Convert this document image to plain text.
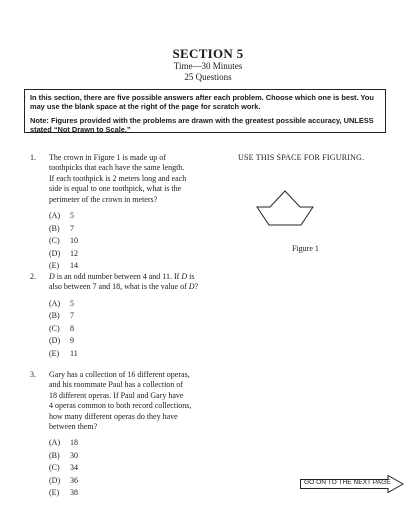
SECTION 5
Time—30 Minutes
25 Questions

In this section, there are five possible answers after each problem. Choose which one is best. You may use the blank space at the right of the page for scratch work.

Note: Figures provided with the problems are drawn with the greatest possible accuracy, UNLESS stated “Not Drawn to Scale.”

USE THIS SPACE FOR FIGURING.
Figure 1
1. The crown in Figure 1 is made up of
toothpicks that each have the same length.
If each toothpick is 2 meters long and each
side is equal to one toothpick, what is the
perimeter of the crown in meters?
(A)	5
(B)	7
(C)	10
(D)	12
(E)	14
2. D is an odd number between 4 and 11. If D is
also between 7 and 18, what is the value of D?
(A)	5
(B)	7
(C)	8
(D)	9
(E)	11
3. Gary has a collection of 16 different operas,
and his roommate Paul has a collection of
18 different operas. If Paul and Gary have
4 operas common to both record collections,
how many different operas do they have
between them?
(A)	18
(B)	30
(C)	34
(D)	36
(E)	38
GO ON TO THE NEXT PAGE
